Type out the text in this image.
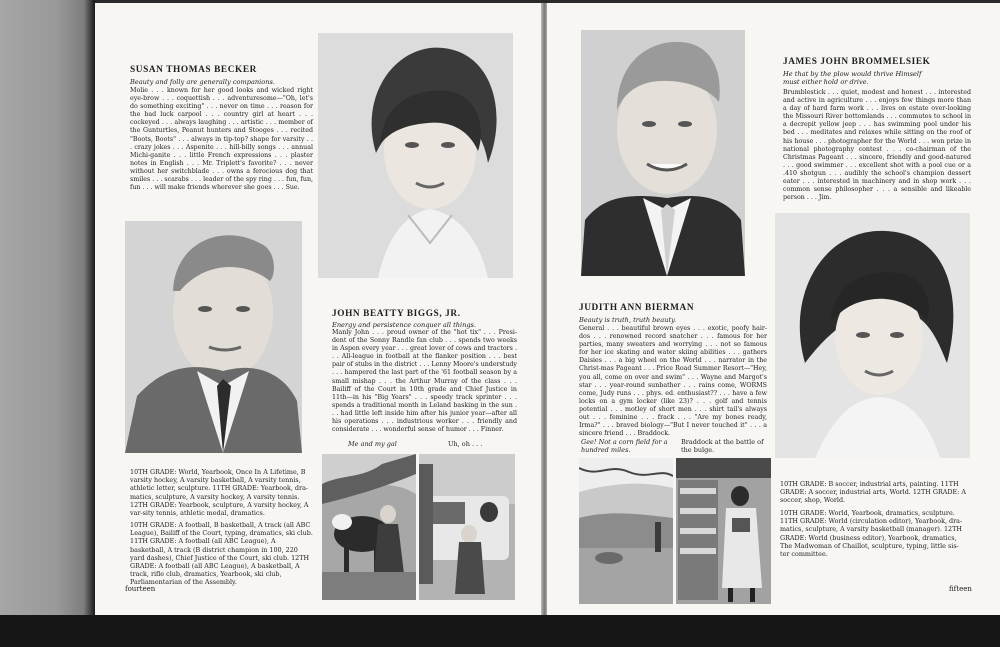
SUSAN THOMAS BECKER
Beauty and folly are generally companions.

Molie . . . known for her good looks and wicked right eye-brow . . . coquettish . . . adventuresome—"Oh, let's do something exciting" . . . never on time . . . reason for the bad luck carpool . . . country girl at heart . . . cockeyed . . . always laughing . . . artistic . . . member of the Gunturtles, Peanut hunters and Stooges . . . recited "Boots, Boots" . . . always in tip-top? shape for varsity . . . crazy jokes . . . Aspenite . . . hill-billy songs . . . annual Michi-ganite . . . little French expressions . . . plaster notes in English . . . Mr. Triplett's favorite? . . . never without her switchblade . . . owns a ferocious dog that smiles . . . scarabs . . . leader of the spy ring . . . fun, fun, fun . . . will make friends wherever she goes . . . Sue.

JOHN BEATTY BIGGS, JR.
Energy and persistence conquer all things.

Manly John . . . proud owner of the "hot tix" . . . Presi-dent of the Sonny Randle fan club . . . spends two weeks in Aspen every year . . . great lover of cows and tractors . . . All-league in football at the flanker position . . . best pair of stubs in the district . . . Lenny Moore's understudy . . . hampered the last part of the '61 football season by a small mishap . . . the Arthur Murray of the class . . . Bailiff of the Court in 10th grade and Chief Justice in 11th—in his "Big Years" . . . speedy track sprinter . . . spends a traditional month in Leland basking in the sun . . . had little left inside him after his junior year—after all his operations . . . industrious worker . . . friendly and considerate . . . wonderful sense of humor . . . Finner.

10TH GRADE: World, Yearbook, Once In A Lifetime, B varsity hockey, A varsity basketball, A varsity tennis, athletic letter, sculpture. 11TH GRADE: Yearbook, dra-matics, sculpture, A varsity hockey, A varsity tennis. 12TH GRADE: Yearbook, sculpture, A varsity hockey, A var-sity tennis, athletic medal, dramatics.

10TH GRADE: A football, B basketball, A track (all ABC League), Bailiff of the Court, typing, dramatics, ski club. 11TH GRADE: A football (all ABC League), A basketball, A track (B district champion in 100, 220 yard dashes), Chief Justice of the Court, ski club. 12TH GRADE: A football (all ABC League), A basketball, A track, rifle club, dramatics, Yearbook, ski club, Parliamentarian of the Assembly.

Me and my gal	Uh, oh . . .
fourteen
JAMES JOHN BROMMELSIEK
He that by the plow would thrive Himself must either hold or drive.

Brumblestick . . . quiet, modest and honest . . . interested and active in agriculture . . . enjoys few things more than a day of hard farm work . . . lives on estate over-looking the Missouri River bottomlands . . . commutes to school in a decrepit yellow jeep . . . has swimming pool under his bed . . . meditates and relaxes while sitting on the roof of his house . . . photographer for the World . . . won prize in national photography contest . . . co-chairman of the Christmas Pageant . . . sincere, friendly and good-natured . . . good swimmer . . . excellent shot with a pool cue or a .410 shotgun . . . audibly the school's champion dessert eater . . . interested in machinery and in shop work . . . common sense philosopher . . . a sensible and likeable person . . . Jim.

JUDITH ANN BIERMAN
Beauty is truth, truth beauty.

General . . . beautiful brown eyes . . . exotic, poofy hair-dos . . . renowned record snatcher . . . famous for her parties, many sweaters and worrying . . . not so famous for her ice skating and water skiing abilities . . . gathers Daisies . . . a big wheel on the World . . . narrator in the Christ-mas Pageant . . . Price Road Summer Resort—"Hey, you all, come on over and swim" . . . Wayne and Margot's star . . . year-round sunbather . . . rains come, WORMS come, Judy runs . . . phys. ed. enthusiast?? . . . have a few locks on a gym locker (like 23)? . . . golf and tennis potential . . . motley of short men . . . shirt tail's always out . . . feminine . . . frack . . . "Are my bones ready, Irma?" . . . braved biology—"But I never touched it" . . . a sincere friend . . . Braddock.

Gee! Not a corn field for a hundred miles.
Braddock at the battle of the bulge.

10TH GRADE: B soccer, industrial arts, painting. 11TH GRADE: A soccer, industrial arts, World. 12TH GRADE: A soccer, shop, World.

10TH GRADE: World, Yearbook, dramatics, sculpture. 11TH GRADE: World (circulation editor), Yearbook, dra-matics, sculpture, A varsity basketball (manager). 12TH GRADE: World (business editor), Yearbook, dramatics, The Madwoman of Chaillot, sculpture, typing, little sis-ter committee.

fifteen
